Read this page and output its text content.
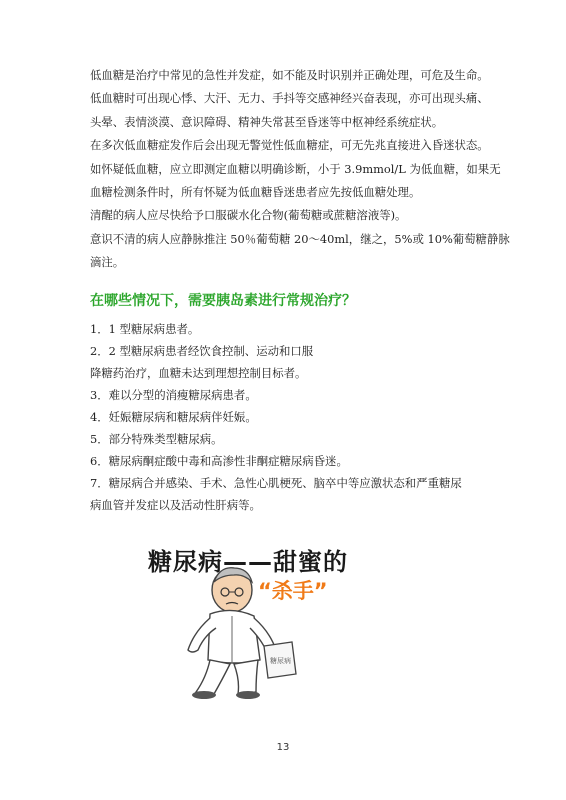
低血糖是治疗中常见的急性并发症，如不能及时识别并正确处理，可危及生命。

低血糖时可出现心悸、大汗、无力、手抖等交感神经兴奋表现，亦可出现头痛、

头晕、表情淡漠、意识障碍、精神失常甚至昏迷等中枢神经系统症状。

在多次低血糖症发作后会出现无警觉性低血糖症，可无先兆直接进入昏迷状态。

如怀疑低血糖，应立即测定血糖以明确诊断，小于 3.9mmol/L 为低血糖，如果无

血糖检测条件时，所有怀疑为低血糖昏迷患者应先按低血糖处理。

清醒的病人应尽快给予口服碳水化合物(葡萄糖或蔗糖溶液等)。

意识不清的病人应静脉推注 50％葡萄糖 20～40ml，继之，5%或 10%葡萄糖静脉

滴注。

在哪些情况下，需要胰岛素进行常规治疗？

1．1 型糖尿病患者。

2．2 型糖尿病患者经饮食控制、运动和口服

降糖药治疗，血糖未达到理想控制目标者。

3．难以分型的消瘦糖尿病患者。

4．妊娠糖尿病和糖尿病伴妊娠。

5．部分特殊类型糖尿病。

6．糖尿病酮症酸中毒和高渗性非酮症糖尿病昏迷。

7．糖尿病合并感染、手术、急性心肌梗死、脑卒中等应激状态和严重糖尿

病血管并发症以及活动性肝病等。

糖尿病
糖尿病——甜蜜的
“杀手”
13
